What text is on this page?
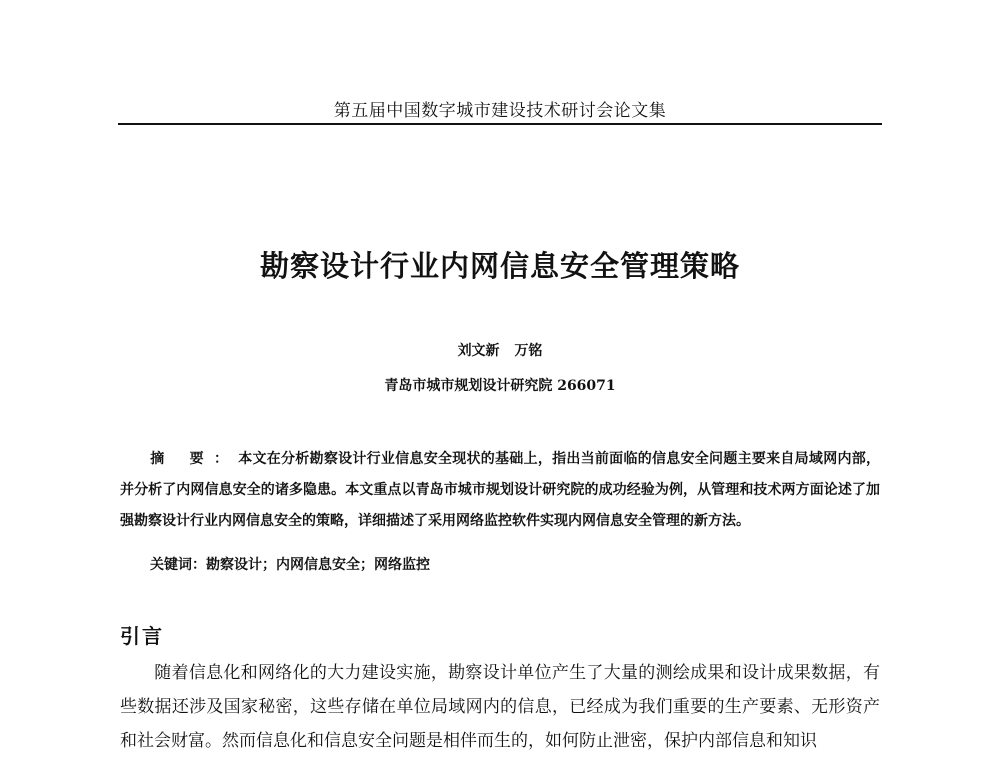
第五届中国数字城市建设技术研讨会论文集
勘察设计行业内网信息安全管理策略
刘文新 万铭
青岛市城市规划设计研究院 266071
摘 要：本文在分析勘察设计行业信息安全现状的基础上，指出当前面临的信息安全问题主要来自局域网内部，并分析了内网信息安全的诸多隐患。本文重点以青岛市城市规划设计研究院的成功经验为例，从管理和技术两方面论述了加强勘察设计行业内网信息安全的策略，详细描述了采用网络监控软件实现内网信息安全管理的新方法。
关键词：勘察设计；内网信息安全；网络监控
引言
随着信息化和网络化的大力建设实施，勘察设计单位产生了大量的测绘成果和设计成果数据，有些数据还涉及国家秘密，这些存储在单位局域网内的信息，已经成为我们重要的生产要素、无形资产和社会财富。然而信息化和信息安全问题是相伴而生的，如何防止泄密，保护内部信息和知识
